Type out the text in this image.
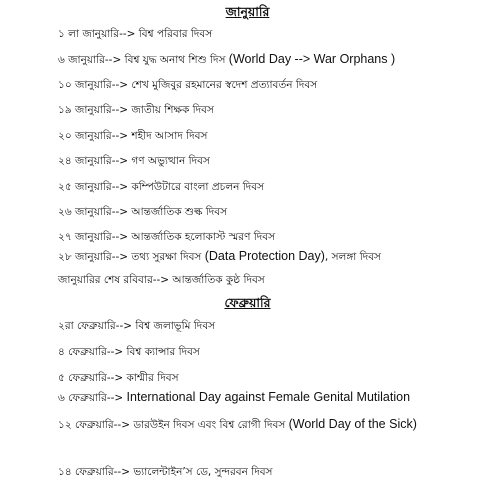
জানুয়ারি
১ লা জানুয়ারি--> বিশ্ব পরিবার দিবস
৬ জানুয়ারি--> বিশ্ব যুদ্ধ অনাথ শিশু দিস (World Day --> War Orphans )
১০ জানুয়ারি--> শেখ মুজিবুর রহমানের স্বদেশ প্রত্যাবর্তন দিবস
১৯ জানুয়ারি--> জাতীয় শিক্ষক দিবস
২০ জানুয়ারি--> শহীদ আসাদ দিবস
২৪ জানুয়ারি--> গণ অভ্যুত্থান দিবস
২৫ জানুয়ারি--> কম্পিউটারে বাংলা প্রচলন দিবস
২৬ জানুয়ারি--> আন্তর্জাতিক শুল্ক দিবস
২৭ জানুয়ারি--> আন্তর্জাতিক হলোকাস্ট স্মরণ দিবস
২৮ জানুয়ারি--> তথ্য সুরক্ষা দিবস (Data Protection Day), সলঙ্গা দিবস
জানুয়ারির শেষ রবিবার--> আন্তর্জাতিক কুষ্ঠ দিবস
ফেব্রুয়ারি
২রা ফেব্রুয়ারি--> বিশ্ব জলাভূমি দিবস
৪ ফেব্রুয়ারি--> বিশ্ব ক্যান্সার দিবস
৫ ফেব্রুয়ারি--> কাশ্মীর দিবস
৬ ফেব্রুয়ারি--> International Day against Female Genital Mutilation
১২ ফেব্রুয়ারি--> ডারউইন দিবস এবং বিশ্ব রোগী দিবস (World Day of the Sick)
১৪ ফেব্রুয়ারি--> ভ্যালেন্টাইন’স ডে, সুন্দরবন দিবস
